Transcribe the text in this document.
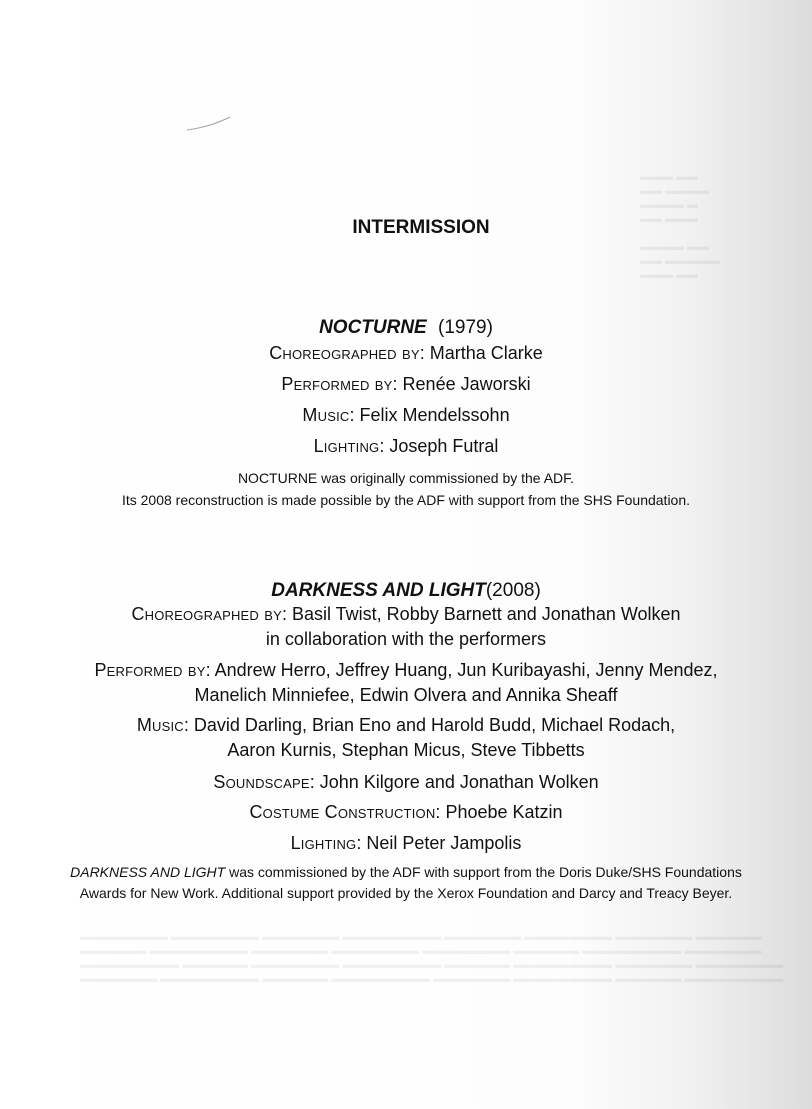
▬▬▬ ▬▬
▬▬ ▬▬▬▬
▬▬▬▬ ▬
▬▬ ▬▬▬

▬▬▬▬ ▬▬
▬▬ ▬▬▬▬▬
▬▬▬ ▬▬
▬▬▬▬▬▬▬▬ ▬▬▬▬▬▬▬▬ ▬▬▬▬▬▬▬ ▬▬▬▬▬▬▬▬▬ ▬▬▬▬▬▬▬ ▬▬▬▬▬▬▬▬ ▬▬▬▬▬▬▬ ▬▬▬▬▬▬
▬▬▬▬▬▬ ▬▬▬▬▬▬▬▬▬ ▬▬▬▬▬▬▬ ▬▬▬▬▬▬▬▬ ▬▬▬▬▬▬▬▬ ▬▬▬▬▬▬ ▬▬▬▬▬▬▬▬▬ ▬▬▬▬▬▬▬
▬▬▬▬▬▬▬▬▬ ▬▬▬▬▬▬ ▬▬▬▬▬▬▬▬ ▬▬▬▬▬▬▬▬▬ ▬▬▬▬▬▬ ▬▬▬▬▬▬▬▬▬ ▬▬▬▬▬▬▬ ▬▬▬▬▬▬▬▬
▬▬▬▬▬▬▬ ▬▬▬▬▬▬▬▬▬ ▬▬▬▬▬▬ ▬▬▬▬▬▬▬▬▬ ▬▬▬▬▬▬▬ ▬▬▬▬▬▬▬▬▬ ▬▬▬▬▬▬ ▬▬▬▬▬▬▬▬▬
INTERMISSION
NOCTURNE (1979)
Choreographed by: Martha Clarke
Performed by: Renée Jaworski
Music: Felix Mendelssohn
Lighting: Joseph Futral
NOCTURNE was originally commissioned by the ADF.
Its 2008 reconstruction is made possible by the ADF with support from the SHS Foundation.
DARKNESS AND LIGHT(2008)
Choreographed by: Basil Twist, Robby Barnett and Jonathan Wolken
in collaboration with the performers
Performed by: Andrew Herro, Jeffrey Huang, Jun Kuribayashi, Jenny Mendez,
Manelich Minniefee, Edwin Olvera and Annika Sheaff
Music: David Darling, Brian Eno and Harold Budd, Michael Rodach,
Aaron Kurnis, Stephan Micus, Steve Tibbetts
Soundscape: John Kilgore and Jonathan Wolken
Costume Construction: Phoebe Katzin
Lighting: Neil Peter Jampolis
DARKNESS AND LIGHT was commissioned by the ADF with support from the Doris Duke/SHS Foundations
Awards for New Work. Additional support provided by the Xerox Foundation and Darcy and Treacy Beyer.
